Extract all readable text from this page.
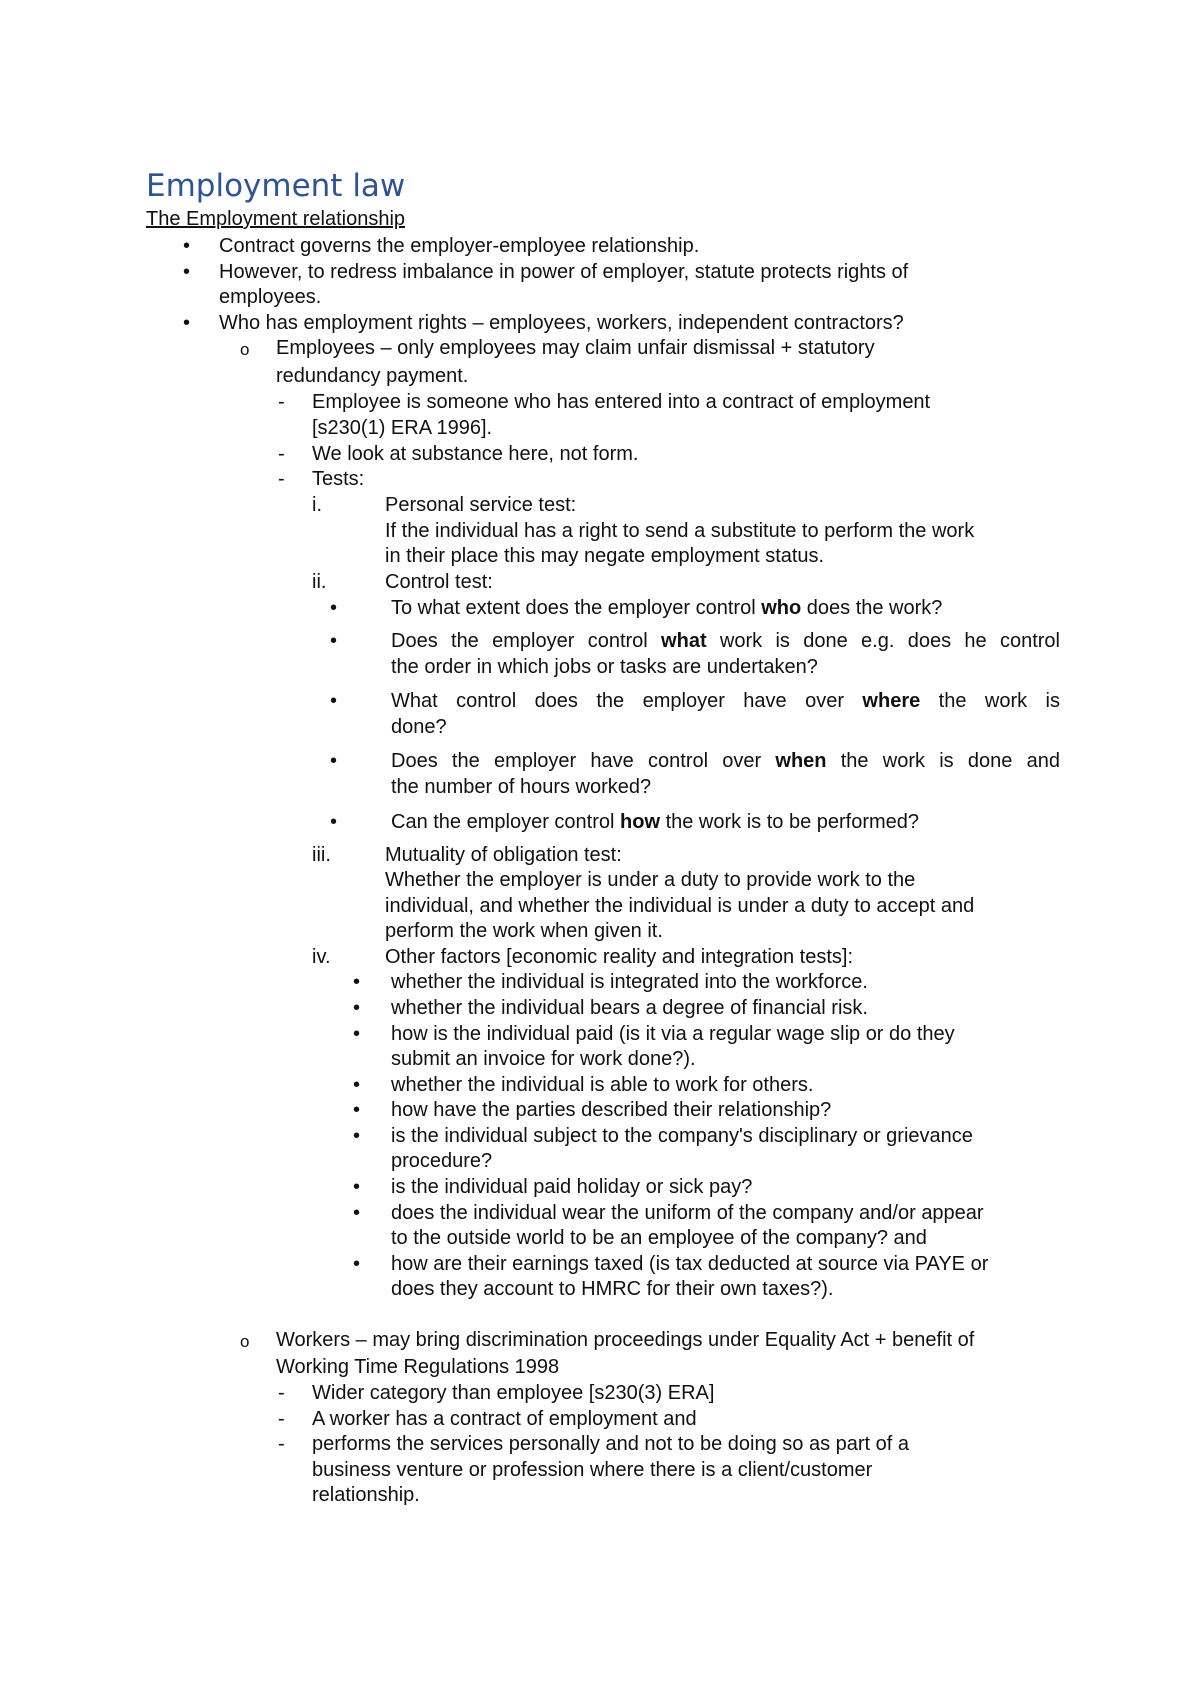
Employment law

The Employment relationship

• Contract governs the employer-employee relationship.

• However, to redress imbalance in power of employer, statute protects rights of

employees.

• Who has employment rights – employees, workers, independent contractors?

o Employees – only employees may claim unfair dismissal + statutory

redundancy payment.

- Employee is someone who has entered into a contract of employment

[s230(1) ERA 1996].

- We look at substance here, not form.

- Tests:

i.	Personal service test:

If the individual has a right to send a substitute to perform the work

in their place this may negate employment status.

ii.	Control test:

•	To what extent does the employer control who does the work?

•	Does the employer control what work is done e.g. does he control

the order in which jobs or tasks are undertaken?

•	What control does the employer have over where the work is

done?

•	Does the employer have control over when the work is done and

the number of hours worked?

•	Can the employer control how the work is to be performed?

iii.	Mutuality of obligation test:

Whether the employer is under a duty to provide work to the

individual, and whether the individual is under a duty to accept and

perform the work when given it.

iv.	Other factors [economic reality and integration tests]:

• whether the individual is integrated into the workforce.

• whether the individual bears a degree of financial risk.

• how is the individual paid (is it via a regular wage slip or do they

submit an invoice for work done?).

• whether the individual is able to work for others.

• how have the parties described their relationship?

• is the individual subject to the company's disciplinary or grievance

procedure?

• is the individual paid holiday or sick pay?

• does the individual wear the uniform of the company and/or appear

to the outside world to be an employee of the company? and

• how are their earnings taxed (is tax deducted at source via PAYE or

does they account to HMRC for their own taxes?).

o Workers – may bring discrimination proceedings under Equality Act + benefit of

Working Time Regulations 1998

- Wider category than employee [s230(3) ERA]

- A worker has a contract of employment and

- performs the services personally and not to be doing so as part of a

business venture or profession where there is a client/customer

relationship.
